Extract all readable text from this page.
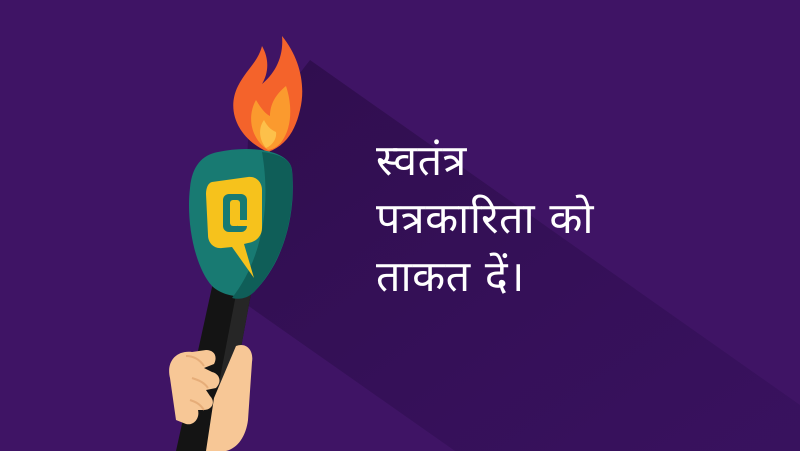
स्वतंत्र
पत्रकारिता को
ताकत दें।
